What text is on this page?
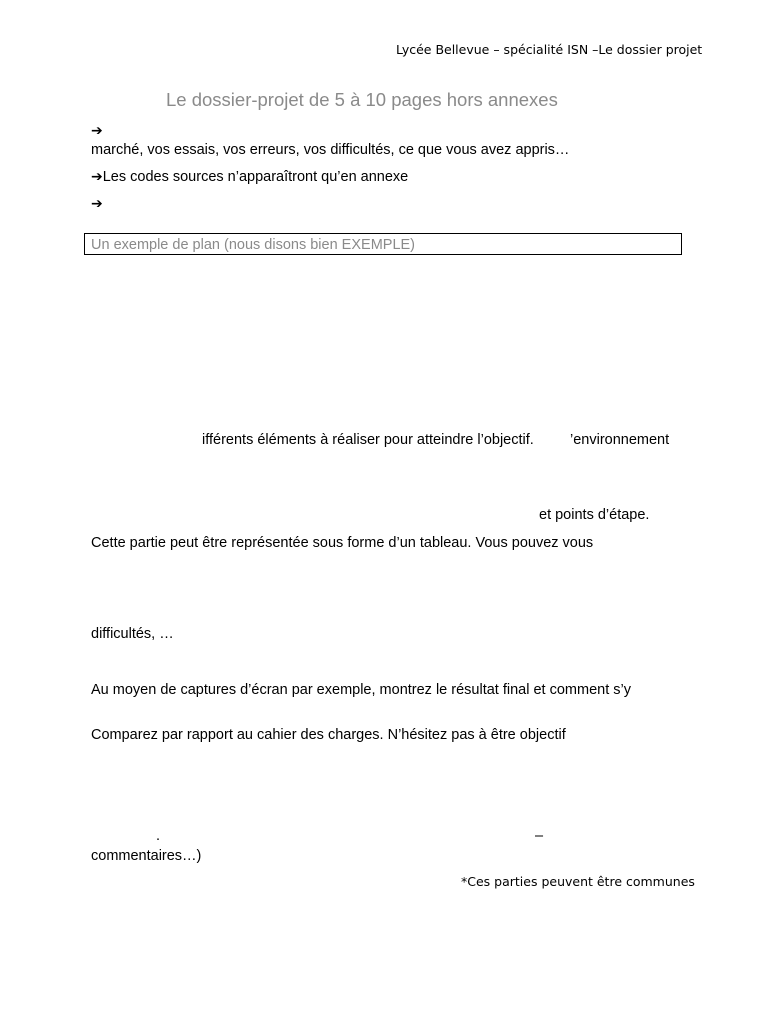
Lycée Bellevue – spécialité ISN –Le dossier projet
Le dossier-projet de 5 à 10 pages hors annexes
➔
marché, vos essais, vos erreurs, vos difficultés, ce que vous avez appris…
➔Les codes sources n’apparaîtront qu’en annexe
➔
Un exemple de plan (nous disons bien EXEMPLE)
ifférents éléments à réaliser pour atteindre l’objectif. ’environnement
et points d’étape.
Cette partie peut être représentée sous forme d’un tableau. Vous pouvez vous
difficultés, …
Au moyen de captures d’écran par exemple, montrez le résultat final et comment s’y
Comparez par rapport au cahier des charges. N’hésitez pas à être objectif
.	–
commentaires…)
*Ces parties peuvent être communes
